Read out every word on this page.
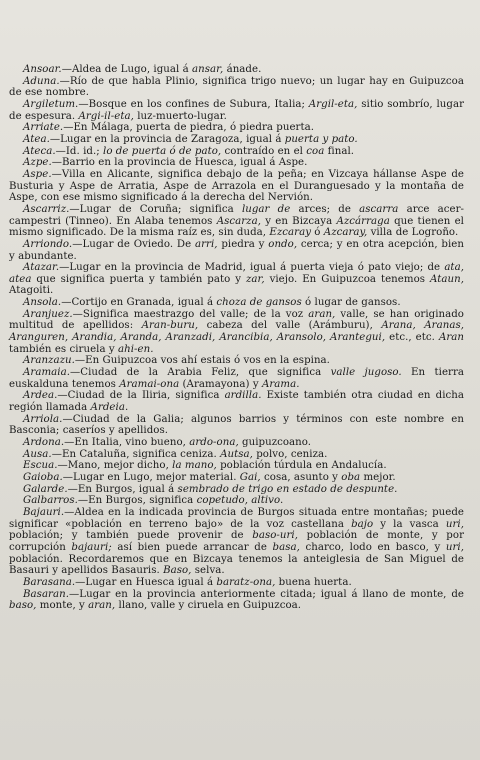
Ansoar.—Aldea de Lugo, igual á ansar, ánade.

Aduna.—Río de que habla Plinio, significa trigo nuevo; un lugar hay en Guipuzcoa de ese nombre.

Argiletum.—Bosque en los confines de Subura, Italia; Argil-eta, sitio sombrío, lugar de espesura. Argi-il-eta, luz-muerto-lugar.

Arriate.—En Málaga, puerta de piedra, ó piedra puerta.

Atea.—Lugar en la provincia de Zaragoza, igual á puerta y pato.

Ateca.—Id. id.; lo de puerta ó de pato, contraído en el coa final.

Azpe.—Barrio en la provincia de Huesca, igual á Aspe.

Aspe.—Villa en Alicante, significa debajo de la peña; en Vizcaya hállanse Aspe de Busturia y Aspe de Arratia, Aspe de Arrazola en el Duranguesado y la montaña de Aspe, con ese mismo significado á la derecha del Nervión.

Ascarriz.—Lugar de Coruña; significa lugar de arces; de ascarra arce acer-campestri (Tinneo). En Alaba tenemos Ascarza, y en Bizcaya Azcárraga que tienen el mismo significado. De la misma raíz es, sin duda, Ezcaray ó Azcaray, villa de Logroño.

Arriondo.—Lugar de Oviedo. De arri, piedra y ondo, cerca; y en otra acepción, bien y abundante.

Atazar.—Lugar en la provincia de Madrid, igual á puerta vieja ó pato viejo; de ata, atea que significa puerta y también pato y zar, viejo. En Guipuzcoa tenemos Ataun, Atagoiti.

Ansola.—Cortijo en Granada, igual á choza de gansos ó lugar de gansos.

Aranjuez.—Significa maestrazgo del valle; de la voz aran, valle, se han originado multitud de apellidos: Aran-buru, cabeza del valle (Arámburu), Arana, Aranas, Aranguren, Arandia, Aranda, Aranzadi, Arancibia, Aransolo, Arantegui, etc., etc. Aran también es ciruela y ahi-en.

Aranzazu.—En Guipuzcoa vos ahí estais ó vos en la espina.

Aramaia.—Ciudad de la Arabia Feliz, que significa valle jugoso. En tierra euskalduna tenemos Aramai-ona (Aramayona) y Arama.

Ardea.—Ciudad de la Iliria, significa ardilla. Existe también otra ciudad en dicha región llamada Ardeia.

Arriola.—Ciudad de la Galia; algunos barrios y términos con este nombre en Basconia; caseríos y apellidos.

Ardona.—En Italia, vino bueno, ardo-ona, guipuzcoano.

Ausa.—En Cataluña, significa ceniza. Autsa, polvo, ceniza.

Escua.—Mano, mejor dicho, la mano, población túrdula en Andalucía.

Gaioba.—Lugar en Lugo, mejor material. Gai, cosa, asunto y oba mejor.

Galarde.—En Burgos, igual á sembrado de trigo en estado de despunte.

Galbarros.—En Burgos, significa copetudo, altivo.

Bajauri.—Aldea en la indicada provincia de Burgos situada entre montañas; puede significar «población en terreno bajo» de la voz castellana bajo y la vasca uri, población; y también puede provenir de baso-uri, población de monte, y por corrupción bajauri; así bien puede arrancar de basa, charco, lodo en basco, y uri, población. Recordaremos que en Bizcaya tenemos la anteiglesia de San Miguel de Basauri y apellidos Basauris. Baso, selva.

Barasana.—Lugar en Huesca igual á baratz-ona, buena huerta.

Basaran.—Lugar en la provincia anteriormente citada; igual á llano de monte, de baso, monte, y aran, llano, valle y ciruela en Guipuzcoa.
